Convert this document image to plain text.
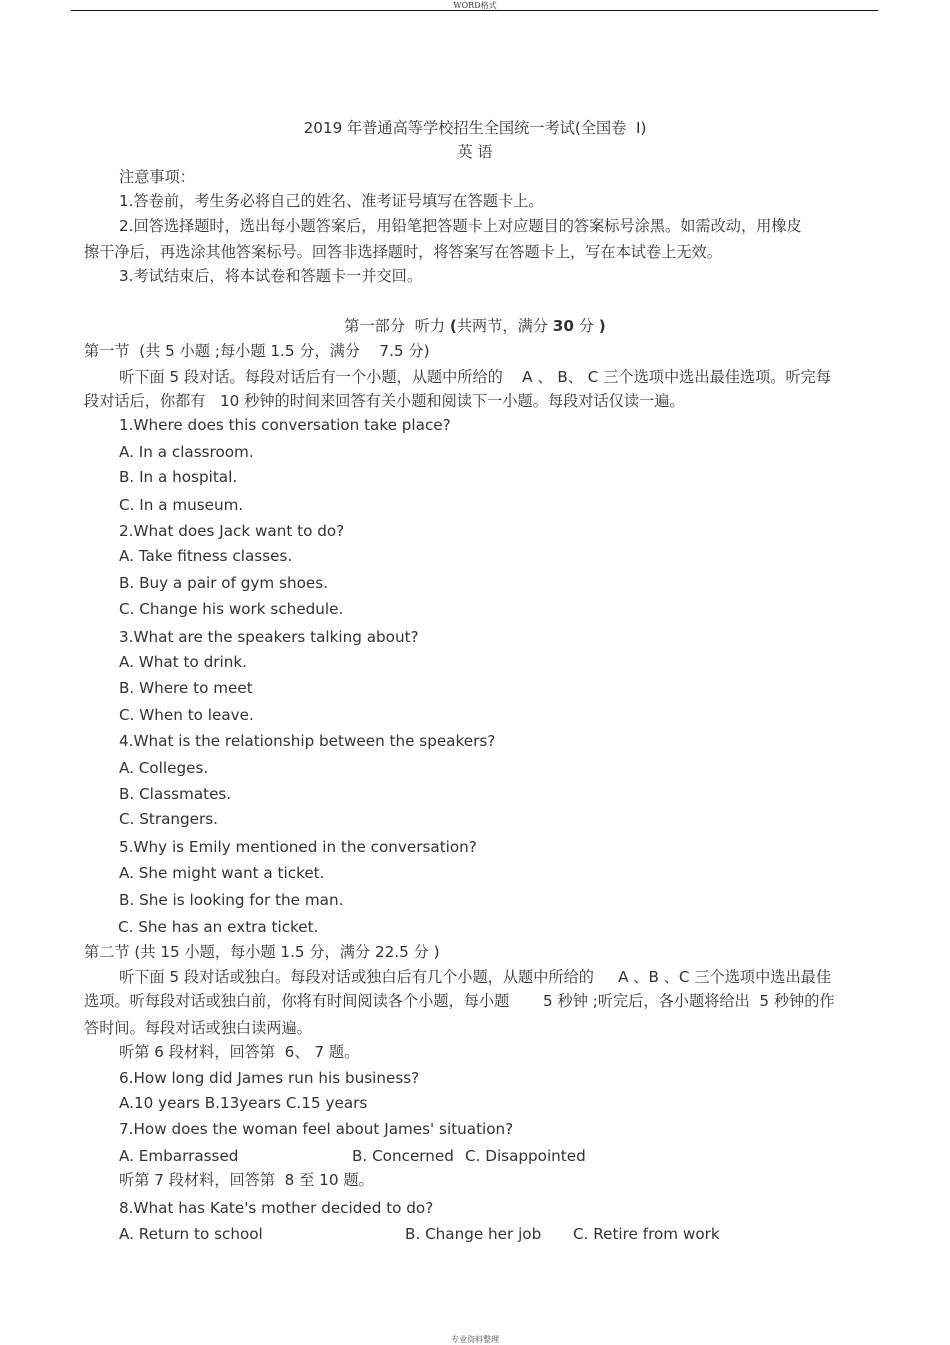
WORD格式
2019 年普通高等学校招生全国统一考试(全国卷  I)
英 语
注意事项：
1.答卷前，考生务必将自己的姓名、准考证号填写在答题卡上。
2.回答选择题时，选出每小题答案后，用铅笔把答题卡上对应题目的答案标号涂黑。如需改动，用橡皮
擦干净后，再选涂其他答案标号。回答非选择题时，将答案写在答题卡上，写在本试卷上无效。
3.考试结束后，将本试卷和答题卡一并交回。
第一部分  听力 (共两节，满分 30 分 )
第一节  (共 5 小题 ;每小题 1.5 分，满分    7.5 分)
听下面 5 段对话。每段对话后有一个小题，从题中所给的    A 、 B、 C 三个选项中选出最佳选项。听完每
段对话后，你都有   10 秒钟的时间来回答有关小题和阅读下一小题。每段对话仅读一遍。
1.Where does this conversation take place?
A. In a classroom.
B. In a hospital.
C. In a museum.
2.What does Jack want to do?
A. Take fitness classes.
B. Buy a pair of gym shoes.
C. Change his work schedule.
3.What are the speakers talking about?
A. What to drink.
B. Where to meet
C. When to leave.
4.What is the relationship between the speakers?
A. Colleges.
B. Classmates.
C. Strangers.
5.Why is Emily mentioned in the conversation?
A. She might want a ticket.
B. She is looking for the man.
C. She has an extra ticket.
第二节 (共 15 小题，每小题 1.5 分，满分 22.5 分 )
听下面 5 段对话或独白。每段对话或独白后有几个小题，从题中所给的     A 、B 、C 三个选项中选出最佳
选项。听每段对话或独白前，你将有时间阅读各个小题，每小题       5 秒钟 ;听完后，各小题将给出  5 秒钟的作
答时间。每段对话或独白读两遍。
听第 6 段材料，回答第  6、 7 题。
6.How long did James run his business?
A.10 years B.13years C.15 years
7.How does the woman feel about James' situation?
A. Embarrassed	B. Concerned C. Disappointed
听第 7 段材料，回答第  8 至 10 题。
8.What has Kate's mother decided to do?
A. Return to school	B. Change her job C. Retire from work
专业资料整理
